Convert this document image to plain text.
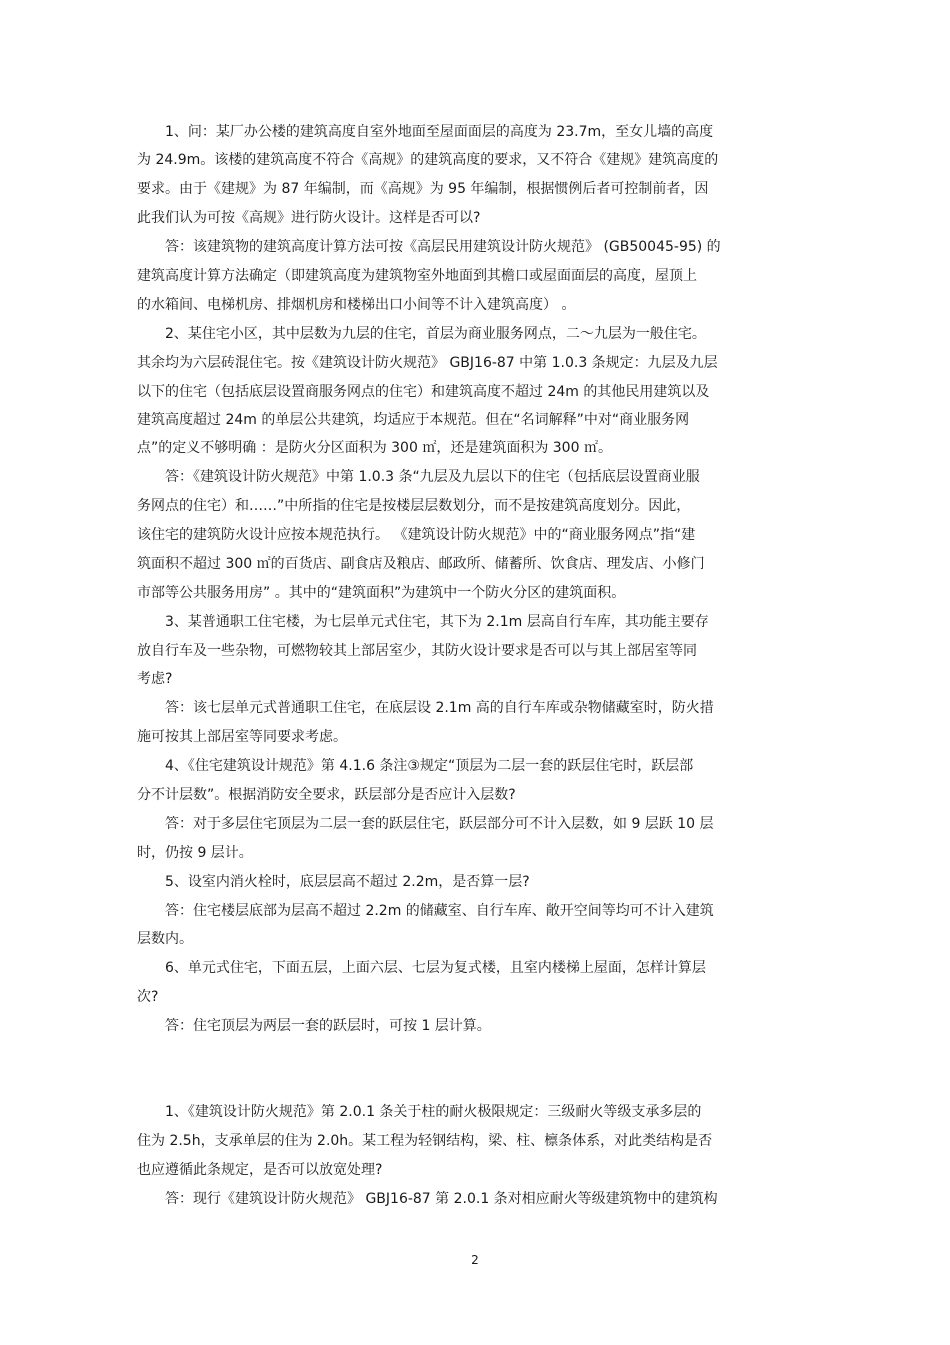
1、问：某厂办公楼的建筑高度自室外地面至屋面面层的高度为 23.7m，至女儿墙的高度
为 24.9m。该楼的建筑高度不符合《高规》的建筑高度的要求，又不符合《建规》建筑高度的
要求。由于《建规》为 87 年编制，而《高规》为 95 年编制，根据惯例后者可控制前者，因
此我们认为可按《高规》进行防火设计。这样是否可以?
答：该建筑物的建筑高度计算方法可按《高层民用建筑设计防火规范》 (GB50045-95) 的
建筑高度计算方法确定（即建筑高度为建筑物室外地面到其檐口或屋面面层的高度，屋顶上
的水箱间、电梯机房、排烟机房和楼梯出口小间等不计入建筑高度） 。
2、某住宅小区，其中层数为九层的住宅，首层为商业服务网点，二～九层为一般住宅。
其余均为六层砖混住宅。按《建筑设计防火规范》 GBJ16-87 中第 1.0.3 条规定：九层及九层
以下的住宅（包括底层设置商服务网点的住宅）和建筑高度不超过 24m 的其他民用建筑以及
建筑高度超过 24m 的单层公共建筑，均适应于本规范。但在“名词解释”中对“商业服务网
点”的定义不够明确 ：是防火分区面积为 300 ㎡，还是建筑面积为 300 ㎡。
答：《建筑设计防火规范》中第 1.0.3 条“九层及九层以下的住宅（包括底层设置商业服
务网点的住宅）和……”中所指的住宅是按楼层层数划分，而不是按建筑高度划分。因此，
该住宅的建筑防火设计应按本规范执行。 《建筑设计防火规范》中的“商业服务网点”指“建
筑面积不超过 300 ㎡的百货店、副食店及粮店、邮政所、储蓄所、饮食店、理发店、小修门
市部等公共服务用房” 。其中的“建筑面积”为建筑中一个防火分区的建筑面积。
3、某普通职工住宅楼，为七层单元式住宅，其下为 2.1m 层高自行车库，其功能主要存
放自行车及一些杂物，可燃物较其上部居室少，其防火设计要求是否可以与其上部居室等同
考虑?
答：该七层单元式普通职工住宅，在底层设 2.1m 高的自行车库或杂物储藏室时，防火措
施可按其上部居室等同要求考虑。
4、《住宅建筑设计规范》第 4.1.6 条注③规定“顶层为二层一套的跃层住宅时，跃层部
分不计层数”。根据消防安全要求，跃层部分是否应计入层数?
答：对于多层住宅顶层为二层一套的跃层住宅，跃层部分可不计入层数，如 9 层跃 10 层
时，仍按 9 层计。
5、设室内消火栓时，底层层高不超过 2.2m，是否算一层?
答：住宅楼层底部为层高不超过 2.2m 的储藏室、自行车库、敞开空间等均可不计入建筑
层数内。
6、单元式住宅，下面五层，上面六层、七层为复式楼，且室内楼梯上屋面，怎样计算层
次?
答：住宅顶层为两层一套的跃层时，可按 1 层计算。
1、《建筑设计防火规范》第 2.0.1 条关于柱的耐火极限规定：三级耐火等级支承多层的
住为 2.5h，支承单层的住为 2.0h。某工程为轻钢结构，梁、柱、檩条体系，对此类结构是否
也应遵循此条规定，是否可以放宽处理?
答：现行《建筑设计防火规范》 GBJ16-87 第 2.0.1 条对相应耐火等级建筑物中的建筑构
2
